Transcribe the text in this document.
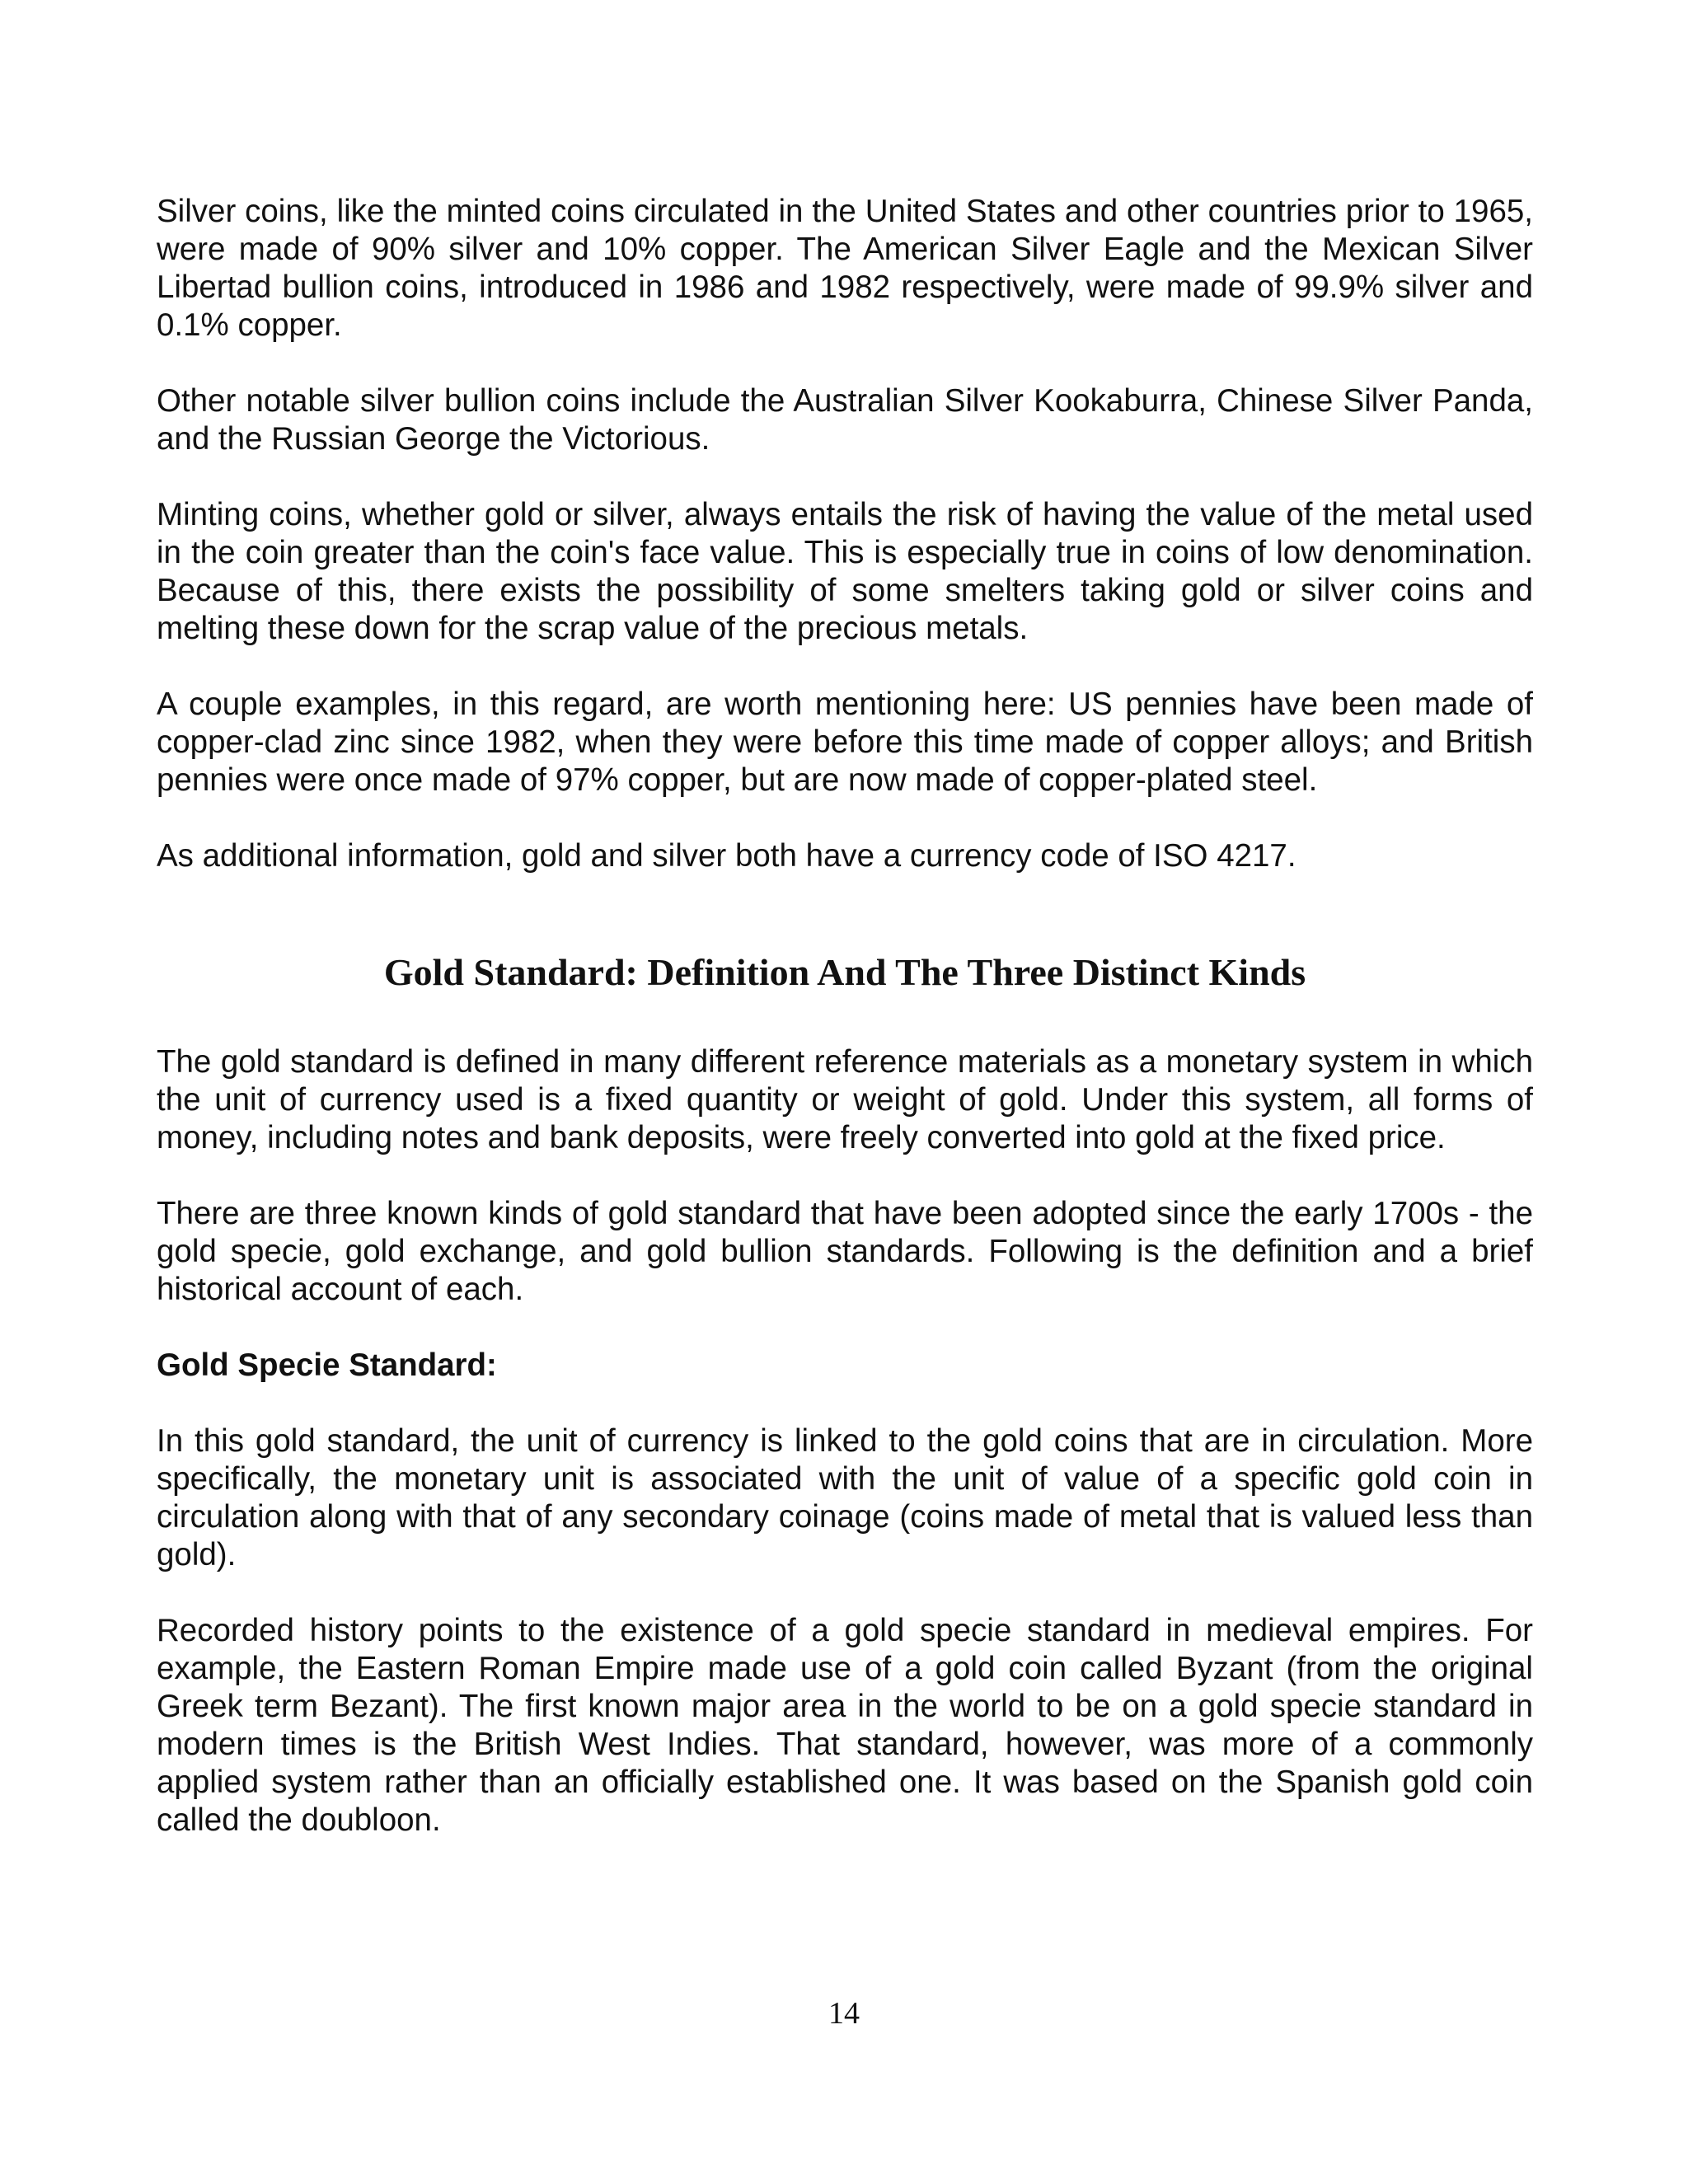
Silver coins, like the minted coins circulated in the United States and other countries prior to 1965, were made of 90% silver and 10% copper. The American Silver Eagle and the Mexican Silver Libertad bullion coins, introduced in 1986 and 1982 respectively, were made of 99.9% silver and 0.1% copper.

Other notable silver bullion coins include the Australian Silver Kookaburra, Chinese Silver Panda, and the Russian George the Victorious.

Minting coins, whether gold or silver, always entails the risk of having the value of the metal used in the coin greater than the coin's face value. This is especially true in coins of low denomination. Because of this, there exists the possibility of some smelters taking gold or silver coins and melting these down for the scrap value of the precious metals.

A couple examples, in this regard, are worth mentioning here: US pennies have been made of copper-clad zinc since 1982, when they were before this time made of copper alloys; and British pennies were once made of 97% copper, but are now made of copper-plated steel.

As additional information, gold and silver both have a currency code of ISO 4217.

Gold Standard: Definition And The Three Distinct Kinds

The gold standard is defined in many different reference materials as a monetary system in which the unit of currency used is a fixed quantity or weight of gold. Under this system, all forms of money, including notes and bank deposits, were freely converted into gold at the fixed price.

There are three known kinds of gold standard that have been adopted since the early 1700s - the gold specie, gold exchange, and gold bullion standards. Following is the definition and a brief historical account of each.

Gold Specie Standard:

In this gold standard, the unit of currency is linked to the gold coins that are in circulation. More specifically, the monetary unit is associated with the unit of value of a specific gold coin in circulation along with that of any secondary coinage (coins made of metal that is valued less than gold).

Recorded history points to the existence of a gold specie standard in medieval empires. For example, the Eastern Roman Empire made use of a gold coin called Byzant (from the original Greek term Bezant). The first known major area in the world to be on a gold specie standard in modern times is the British West Indies. That standard, however, was more of a commonly applied system rather than an officially established one. It was based on the Spanish gold coin called the doubloon.

14
